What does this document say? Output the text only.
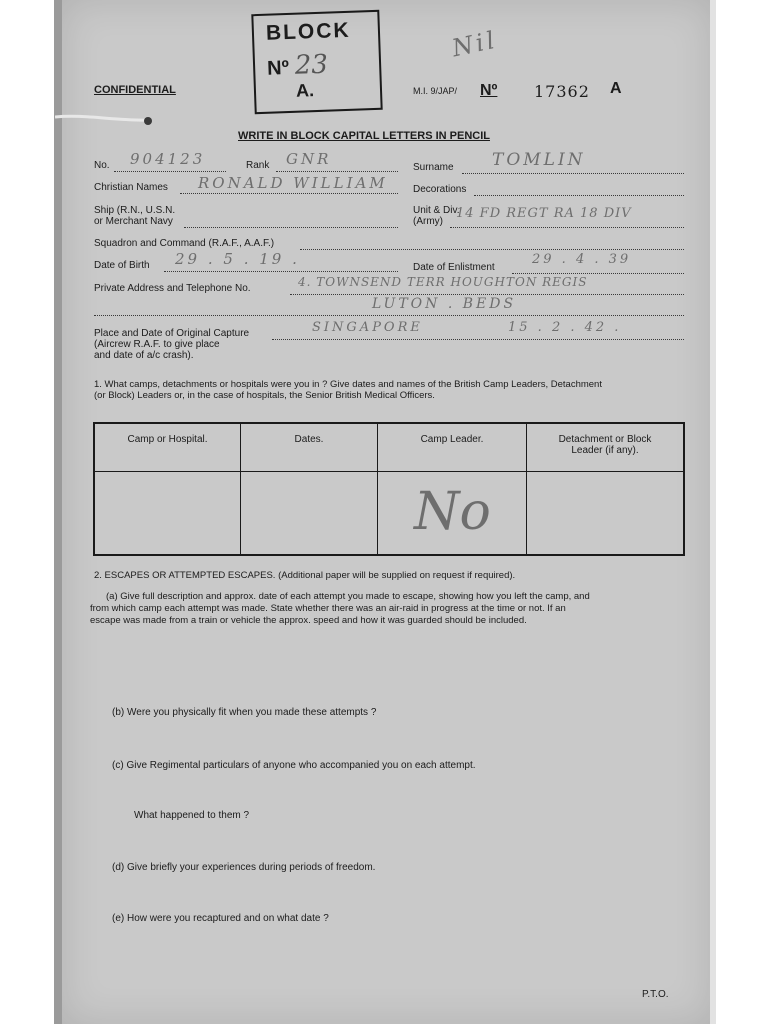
BLOCK
Nº 23
A.
CONFIDENTIAL
Nil
M.I. 9/JAP/ Nº 17362 A
WRITE IN BLOCK CAPITAL LETTERS IN PENCIL
No. 904123	Rank GNR	Surname TOMLIN
Christian Names RONALD WILLIAM	Decorations
Ship (R.N., U.S.N.
or Merchant Navy
Unit & Div.
(Army)
14 FD REGT RA 18 DIV
Squadron and Command (R.A.F., A.A.F.)
Date of Birth 29 . 5 . 19 .	Date of Enlistment
29 . 4 . 39
Private Address and Telephone No.	4. TOWNSEND TERR HOUGHTON REGIS
LUTON . BEDS
Place and Date of Original Capture
(Aircrew R.A.F. to give place
and date of a/c crash).
SINGAPORE	15 . 2 . 42 .
1. What camps, detachments or hospitals were you in ? Give dates and names of the British Camp Leaders, Detachment
(or Block) Leaders or, in the case of hospitals, the Senior British Medical Officers.
Camp or Hospital.	Dates.	Camp Leader.	Detachment or Block
Leader (if any).

		No	

2. ESCAPES OR ATTEMPTED ESCAPES. (Additional paper will be supplied on request if required).
(a) Give full description and approx. date of each attempt you made to escape, showing how you left the camp, and
from which camp each attempt was made. State whether there was an air-raid in progress at the time or not. If an
escape was made from a train or vehicle the approx. speed and how it was guarded should be included.
(b) Were you physically fit when you made these attempts ?
(c) Give Regimental particulars of anyone who accompanied you on each attempt.
What happened to them ?
(d) Give briefly your experiences during periods of freedom.
(e) How were you recaptured and on what date ?
P.T.O.
